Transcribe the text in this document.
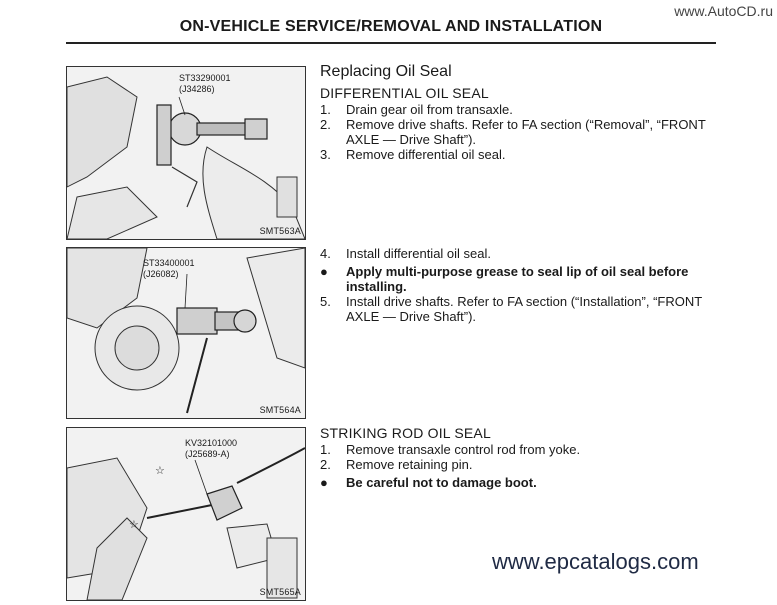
www.AutoCD.ru
ON-VEHICLE SERVICE/REMOVAL AND INSTALLATION
ST33290001
(J34286)
SMT563A
ST33400001
(J26082)
SMT564A
☆
☆
KV32101000
(J25689-A)
SMT565A
Replacing Oil Seal
DIFFERENTIAL OIL SEAL
1. Drain gear oil from transaxle.
2. Remove drive shafts. Refer to FA section (“Removal”, “FRONT AXLE — Drive Shaft”).
3. Remove differential oil seal.
4. Install differential oil seal.
● Apply multi-purpose grease to seal lip of oil seal before installing.
5. Install drive shafts. Refer to FA section (“Installation”, “FRONT AXLE — Drive Shaft”).
STRIKING ROD OIL SEAL
1. Remove transaxle control rod from yoke.
2. Remove retaining pin.
● Be careful not to damage boot.
www.epcatalogs.com
